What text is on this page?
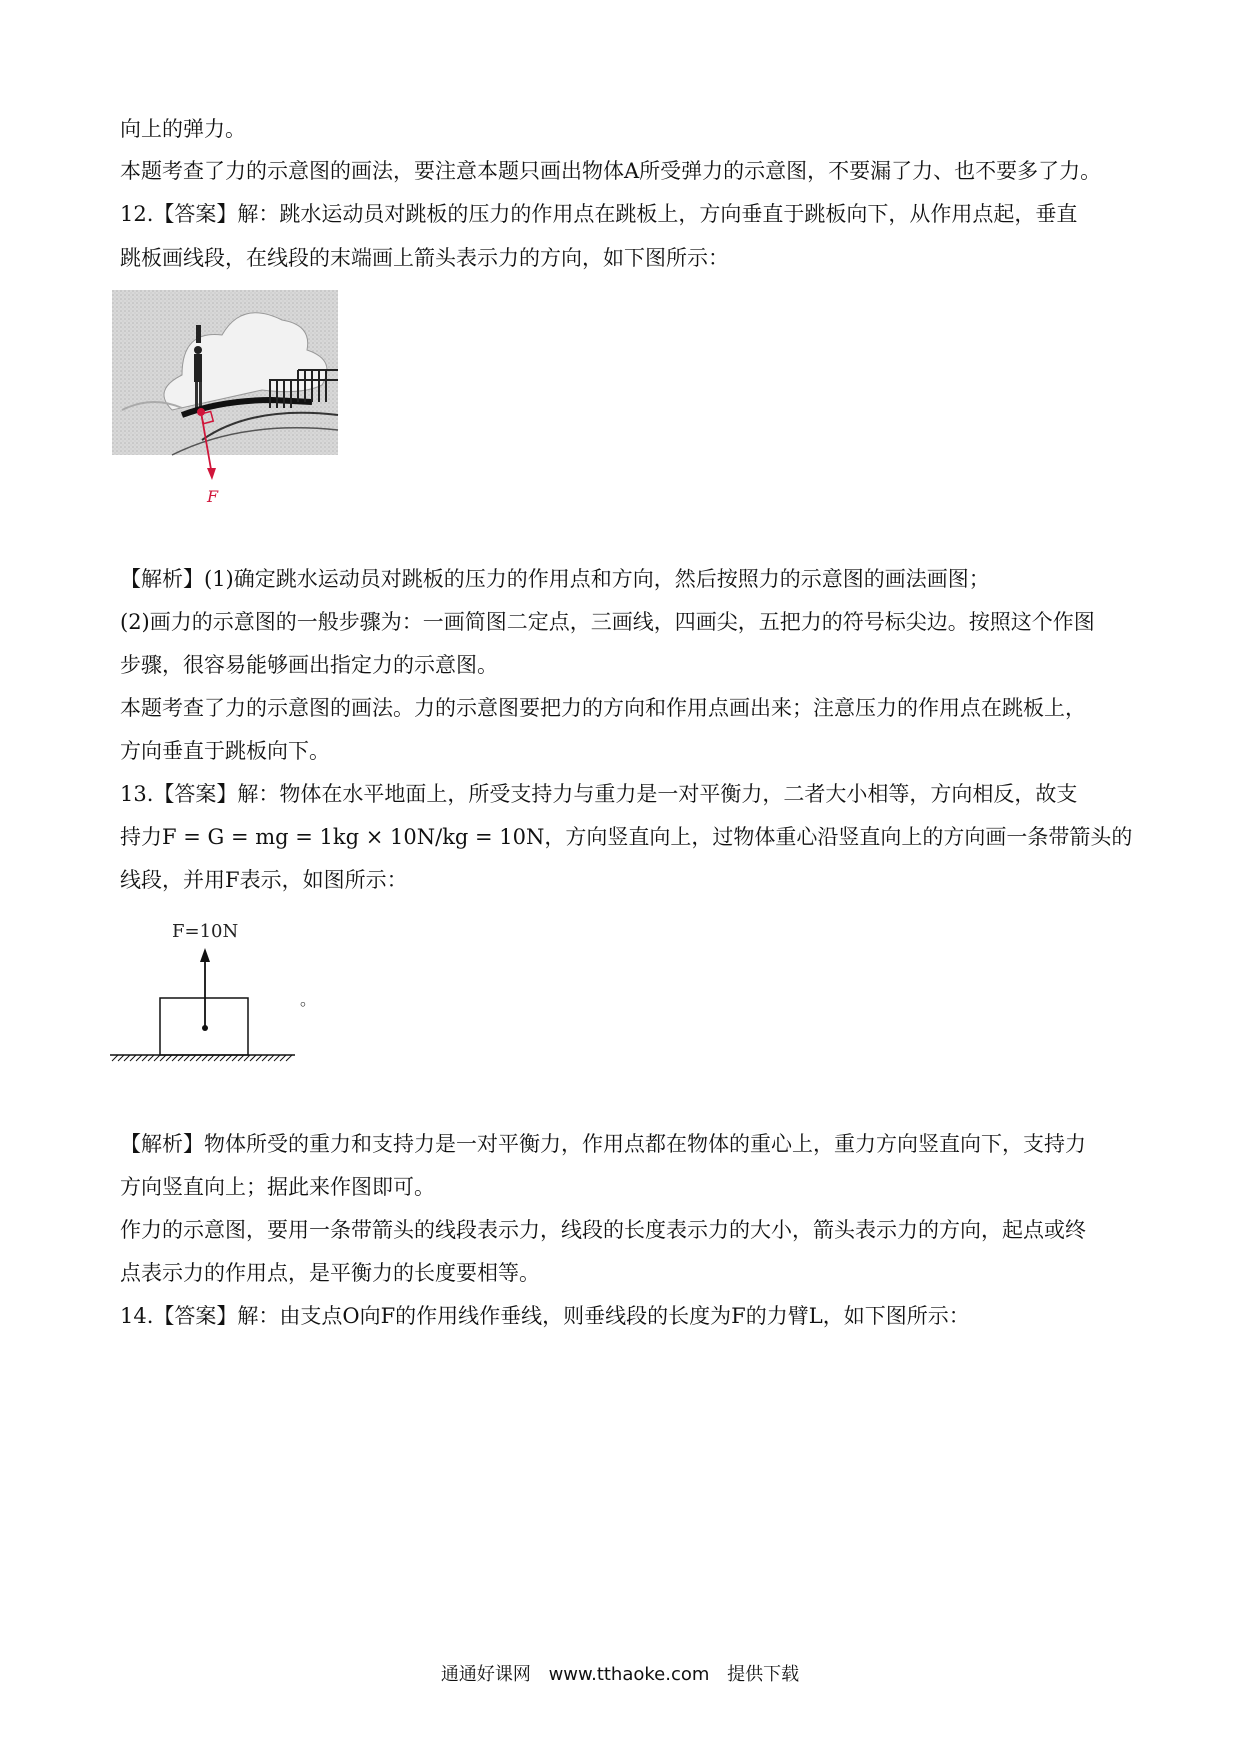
向上的弹力。
本题考查了力的示意图的画法，要注意本题只画出物体A所受弹力的示意图，不要漏了力、也不要多了力。
12.【答案】解：跳水运动员对跳板的压力的作用点在跳板上，方向垂直于跳板向下，从作用点起，垂直
跳板画线段，在线段的末端画上箭头表示力的方向，如下图所示：
F
【解析】(1)确定跳水运动员对跳板的压力的作用点和方向，然后按照力的示意图的画法画图；
(2)画力的示意图的一般步骤为：一画简图二定点，三画线，四画尖，五把力的符号标尖边。按照这个作图
步骤，很容易能够画出指定力的示意图。
本题考查了力的示意图的画法。力的示意图要把力的方向和作用点画出来；注意压力的作用点在跳板上，
方向垂直于跳板向下。
13.【答案】解：物体在水平地面上，所受支持力与重力是一对平衡力，二者大小相等，方向相反，故支
持力F = G = mg = 1kg × 10N/kg = 10N，方向竖直向上，过物体重心沿竖直向上的方向画一条带箭头的
线段，并用F表示，如图所示：
F=10N
。
【解析】物体所受的重力和支持力是一对平衡力，作用点都在物体的重心上，重力方向竖直向下，支持力
方向竖直向上；据此来作图即可。
作力的示意图，要用一条带箭头的线段表示力，线段的长度表示力的大小，箭头表示力的方向，起点或终
点表示力的作用点，是平衡力的长度要相等。
14.【答案】解：由支点O向F的作用线作垂线，则垂线段的长度为F的力臂L，如下图所示：
通通好课网 www.tthaoke.com 提供下载
